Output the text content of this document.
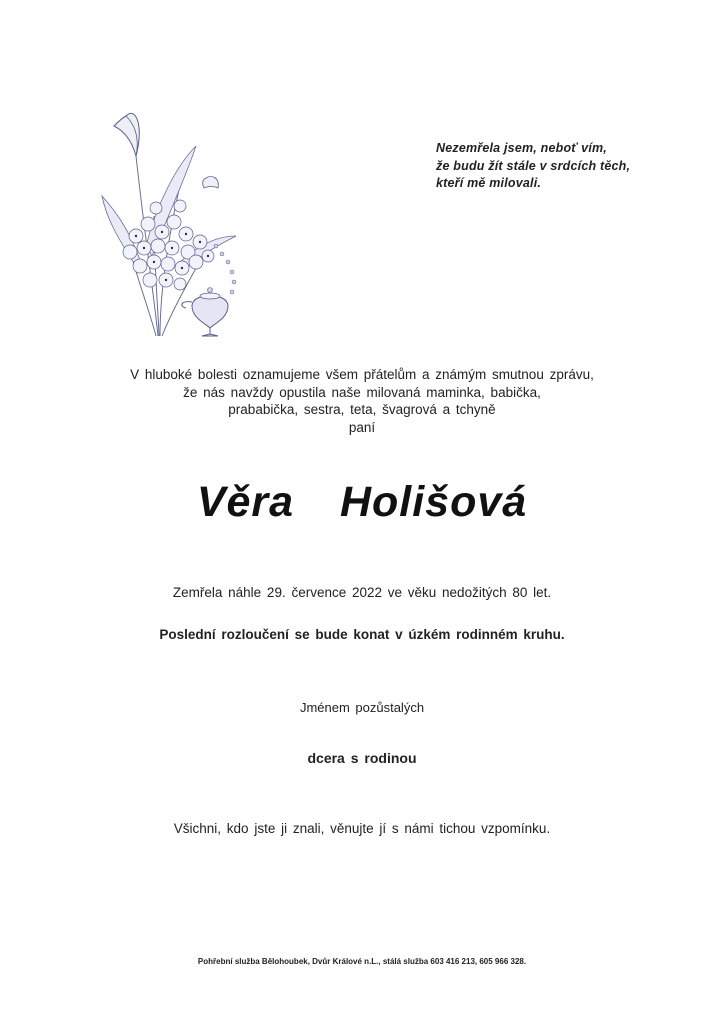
Nezemřela jsem, neboť vím,
že budu žít stále v srdcích těch,
kteří mě milovali.
V hluboké bolesti oznamujeme všem přátelům a známým smutnou zprávu,
že nás navždy opustila naše milovaná maminka, babička,
prababička, sestra, teta, švagrová a tchyně
paní
Věra  Holišová
Zemřela náhle 29. července 2022 ve věku nedožitých 80 let.
Poslední rozloučení se bude konat v úzkém rodinném kruhu.
Jménem pozůstalých
dcera s rodinou
Všichni, kdo jste ji znali, věnujte jí s námi tichou vzpomínku.
Pohřební služba Bělohoubek, Dvůr Králové n.L., stálá služba 603 416 213, 605 966 328.
